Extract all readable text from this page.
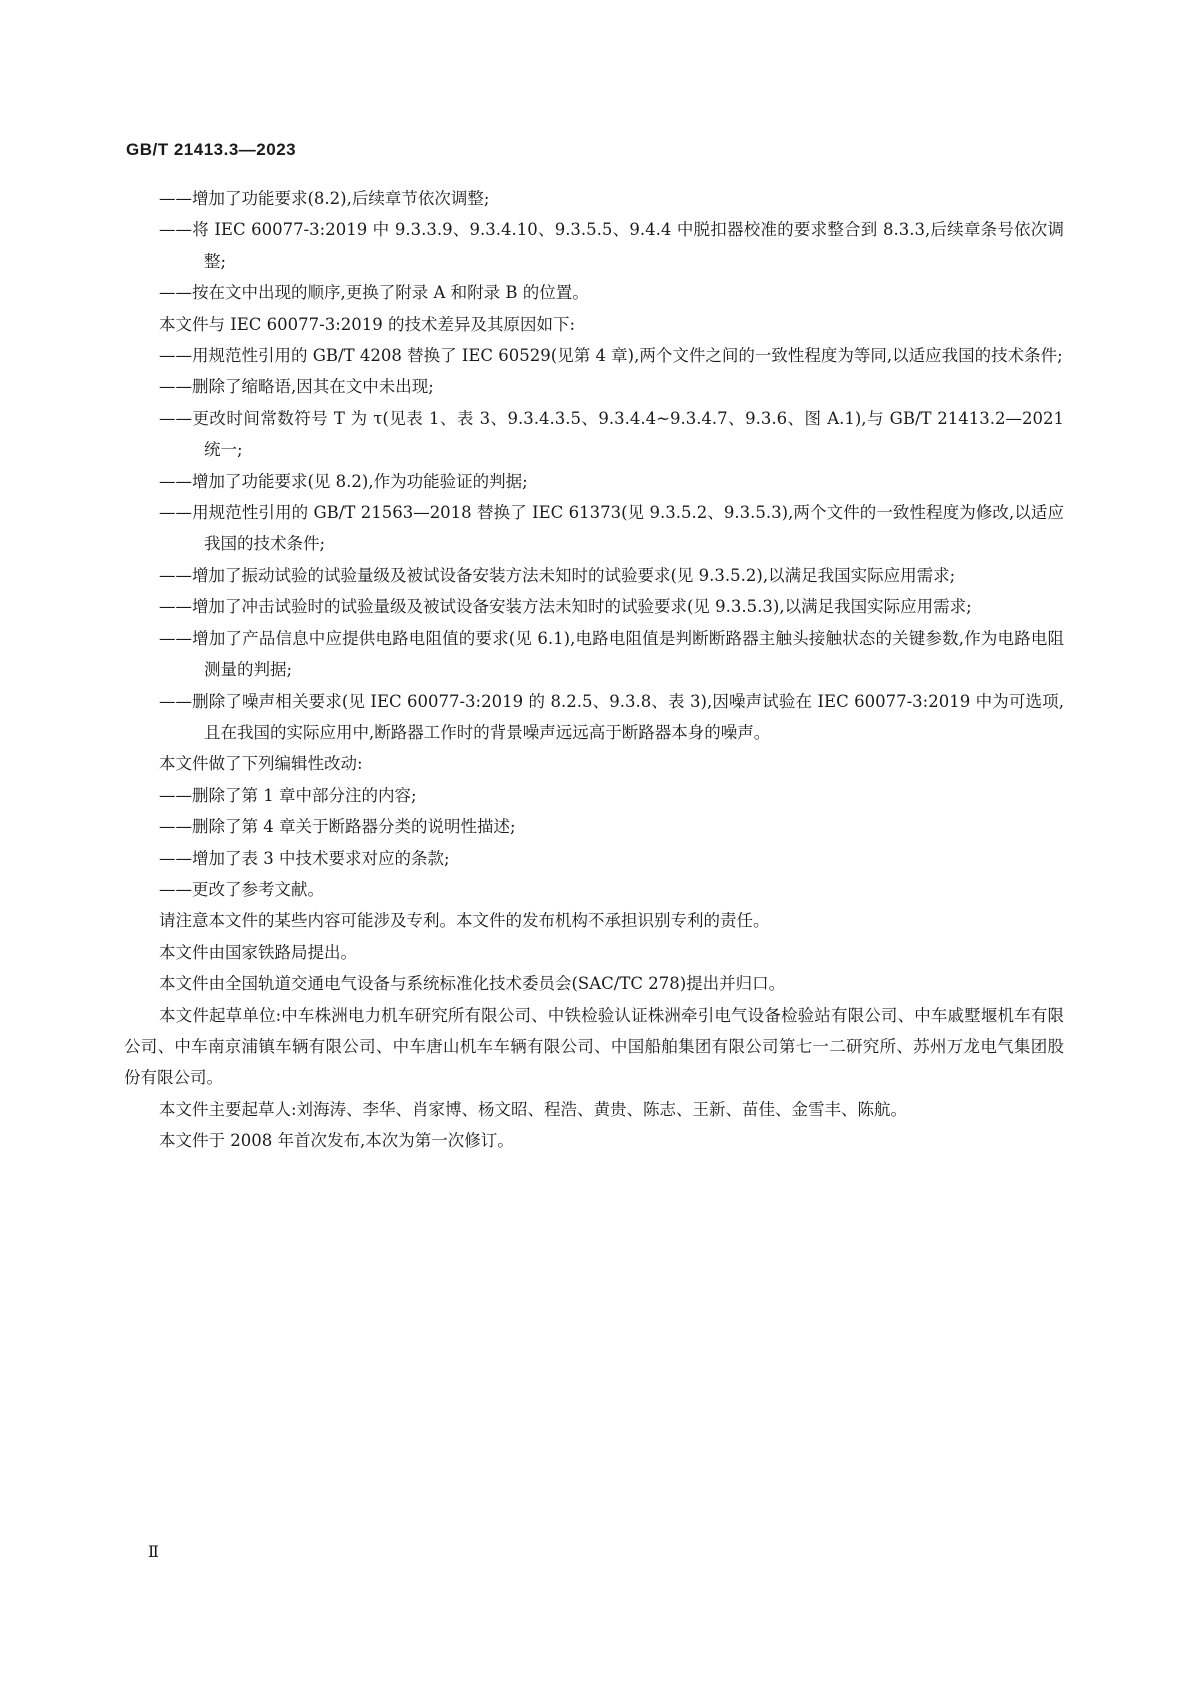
GB/T 21413.3—2023

——增加了功能要求(8.2),后续章节依次调整;

——将 IEC 60077-3:2019 中 9.3.3.9、9.3.4.10、9.3.5.5、9.4.4 中脱扣器校准的要求整合到 8.3.3,后续章条号依次调整;

——按在文中出现的顺序,更换了附录 A 和附录 B 的位置。

本文件与 IEC 60077-3:2019 的技术差异及其原因如下:

——用规范性引用的 GB/T 4208 替换了 IEC 60529(见第 4 章),两个文件之间的一致性程度为等同,以适应我国的技术条件;

——删除了缩略语,因其在文中未出现;

——更改时间常数符号 T 为 τ(见表 1、表 3、9.3.4.3.5、9.3.4.4~9.3.4.7、9.3.6、图 A.1),与 GB/T 21413.2—2021 统一;

——增加了功能要求(见 8.2),作为功能验证的判据;

——用规范性引用的 GB/T 21563—2018 替换了 IEC 61373(见 9.3.5.2、9.3.5.3),两个文件的一致性程度为修改,以适应我国的技术条件;

——增加了振动试验的试验量级及被试设备安装方法未知时的试验要求(见 9.3.5.2),以满足我国实际应用需求;

——增加了冲击试验时的试验量级及被试设备安装方法未知时的试验要求(见 9.3.5.3),以满足我国实际应用需求;

——增加了产品信息中应提供电路电阻值的要求(见 6.1),电路电阻值是判断断路器主触头接触状态的关键参数,作为电路电阻测量的判据;

——删除了噪声相关要求(见 IEC 60077-3:2019 的 8.2.5、9.3.8、表 3),因噪声试验在 IEC 60077-3:2019 中为可选项,且在我国的实际应用中,断路器工作时的背景噪声远远高于断路器本身的噪声。

本文件做了下列编辑性改动:

——删除了第 1 章中部分注的内容;

——删除了第 4 章关于断路器分类的说明性描述;

——增加了表 3 中技术要求对应的条款;

——更改了参考文献。

请注意本文件的某些内容可能涉及专利。本文件的发布机构不承担识别专利的责任。

本文件由国家铁路局提出。

本文件由全国轨道交通电气设备与系统标准化技术委员会(SAC/TC 278)提出并归口。

本文件起草单位:中车株洲电力机车研究所有限公司、中铁检验认证株洲牵引电气设备检验站有限公司、中车戚墅堰机车有限公司、中车南京浦镇车辆有限公司、中车唐山机车车辆有限公司、中国船舶集团有限公司第七一二研究所、苏州万龙电气集团股份有限公司。

本文件主要起草人:刘海涛、李华、肖家博、杨文昭、程浩、黄贵、陈志、王新、苗佳、金雪丰、陈航。

本文件于 2008 年首次发布,本次为第一次修订。

Ⅱ
